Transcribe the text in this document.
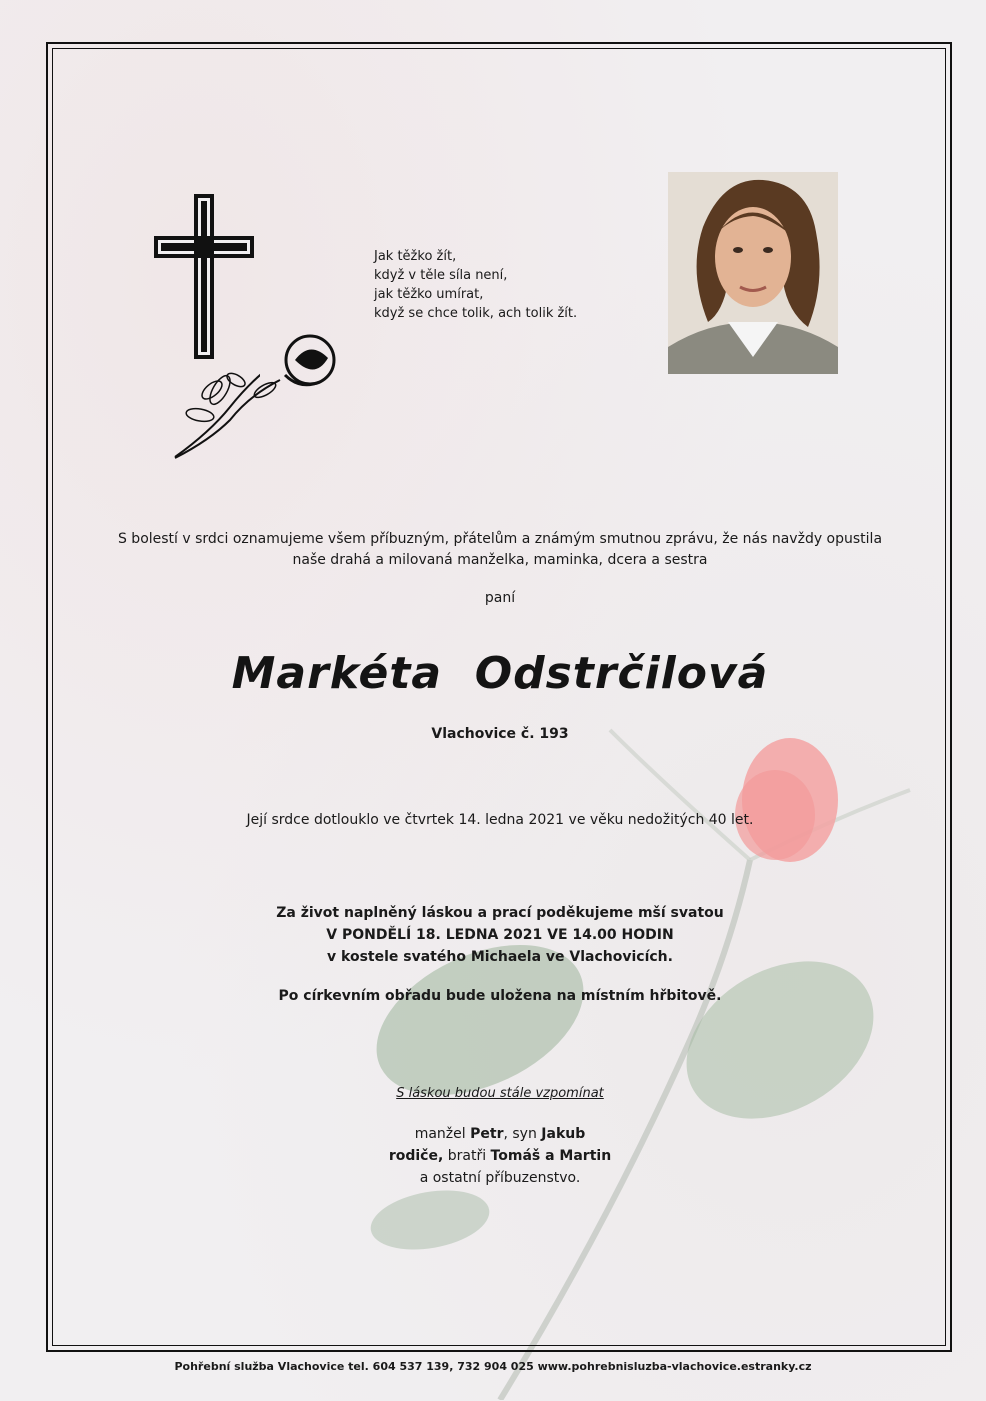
Jak těžko žít,
když v těle síla není,
jak těžko umírat,
když se chce tolik, ach tolik žít.
S bolestí v srdci oznamujeme všem příbuzným, přátelům a známým smutnou zprávu, že nás navždy opustila
naše drahá a milovaná manželka, maminka, dcera a sestra
paní
Markéta  Odstrčilová
Vlachovice č. 193
Její srdce dotlouklo ve čtvrtek 14. ledna 2021 ve věku nedožitých 40 let.
Za život naplněný láskou a prací poděkujeme mší svatou
V PONDĚLÍ 18. LEDNA 2021 VE 14.00 HODIN
v kostele svatého Michaela ve Vlachovicích.
Po církevním obřadu bude uložena na místním hřbitově.
S láskou budou stále vzpomínat
manžel Petr, syn Jakub
rodiče, bratři Tomáš a Martin
a ostatní příbuzenstvo.
Pohřební služba Vlachovice tel. 604 537 139, 732 904 025 www.pohrebnisluzba-vlachovice.estranky.cz
